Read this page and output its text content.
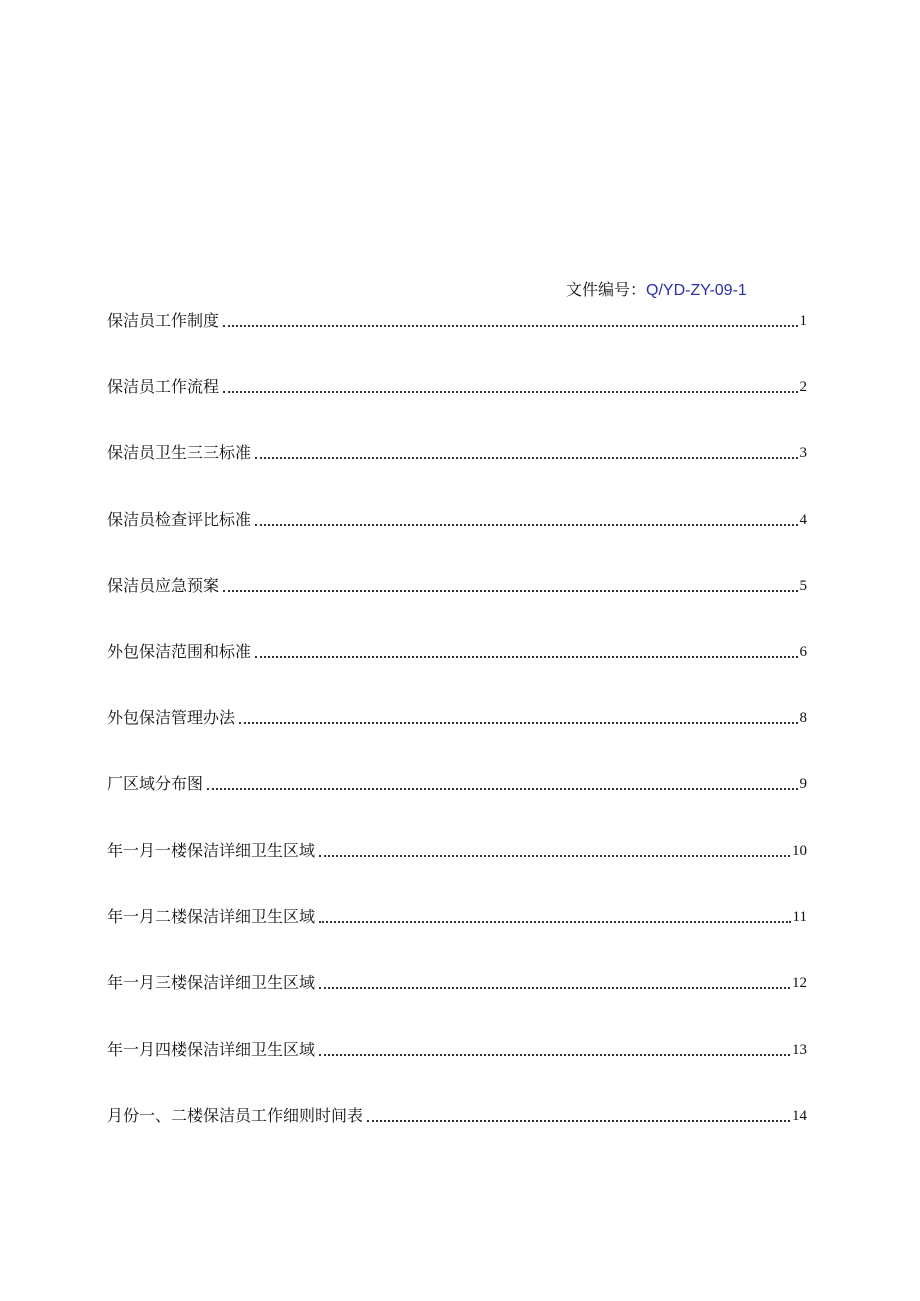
文件编号：Q/YD-ZY-09-1
保洁员工作制度	1
保洁员工作流程	2
保洁员卫生三三标准	3
保洁员检查评比标准	4
保洁员应急预案	5
外包保洁范围和标准	6
外包保洁管理办法	8
厂区域分布图	9
年一月一楼保洁详细卫生区域	10
年一月二楼保洁详细卫生区域	11
年一月三楼保洁详细卫生区域	12
年一月四楼保洁详细卫生区域	13
月份一、二楼保洁员工作细则时间表	14
